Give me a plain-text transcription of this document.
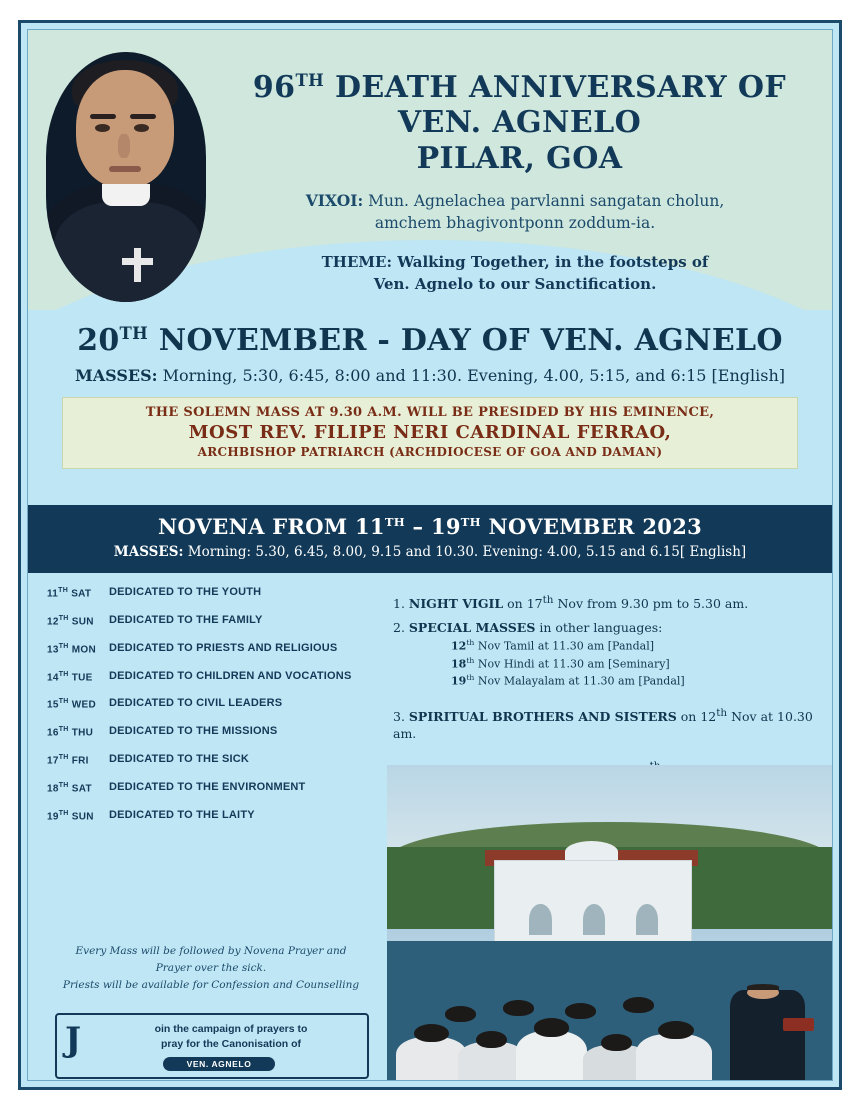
96TH DEATH ANNIVERSARY OF VEN. AGNELO
PILAR, GOA
VIXOI: Mun. Agnelachea parvlanni sangatan cholun,
amchem bhagivontponn zoddum-ia.
THEME: Walking Together, in the footsteps of
Ven. Agnelo to our Sanctification.
20TH NOVEMBER - DAY OF VEN. AGNELO
MASSES: Morning, 5:30, 6:45, 8:00 and 11:30. Evening, 4.00, 5:15, and 6:15 [English]
THE SOLEMN MASS AT 9.30 A.M. WILL BE PRESIDED BY HIS EMINENCE,
MOST REV. FILIPE NERI CARDINAL FERRAO,
ARCHBISHOP PATRIARCH (ARCHDIOCESE OF GOA AND DAMAN)
NOVENA FROM 11TH – 19TH NOVEMBER 2023
MASSES: Morning: 5.30, 6.45, 8.00, 9.15 and 10.30. Evening: 4.00, 5.15 and 6.15[ English]
11TH SAT	DEDICATED TO THE YOUTH
12TH SUN	DEDICATED TO THE FAMILY
13TH MON	DEDICATED TO PRIESTS AND RELIGIOUS
14TH TUE	DEDICATED TO CHILDREN AND VOCATIONS
15TH WED	DEDICATED TO CIVIL LEADERS
16TH THU	DEDICATED TO THE MISSIONS
17TH FRI	DEDICATED TO THE SICK
18TH SAT	DEDICATED TO THE ENVIRONMENT
19TH SUN	DEDICATED TO THE LAITY
Every Mass will be followed by Novena Prayer and
Prayer over the sick.
Priests will be available for Confession and Counselling
J	oin the campaign of prayers to
pray for the Canonisation of
VEN. AGNELO
1. NIGHT VIGIL on 17th Nov from 9.30 pm to 5.30 am.
2. SPECIAL MASSES in other languages:
12th Nov Tamil at 11.30 am [Pandal]
18th Nov Hindi at 11.30 am [Seminary]
19th Nov Malayalam at 11.30 am [Pandal]
3. SPIRITUAL BROTHERS AND SISTERS on 12th Nov at 10.30 am.
